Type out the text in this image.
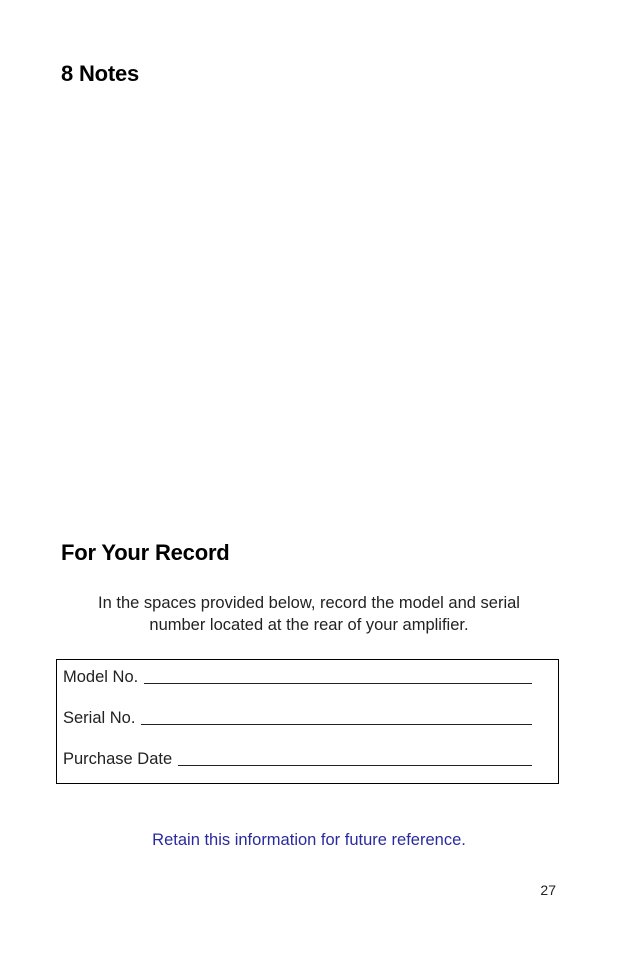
8 Notes
For Your Record

In the spaces provided below, record the model and serial
number located at the rear of your amplifier.

Model No.
Serial No.
Purchase Date

Retain this information for future reference.

27
